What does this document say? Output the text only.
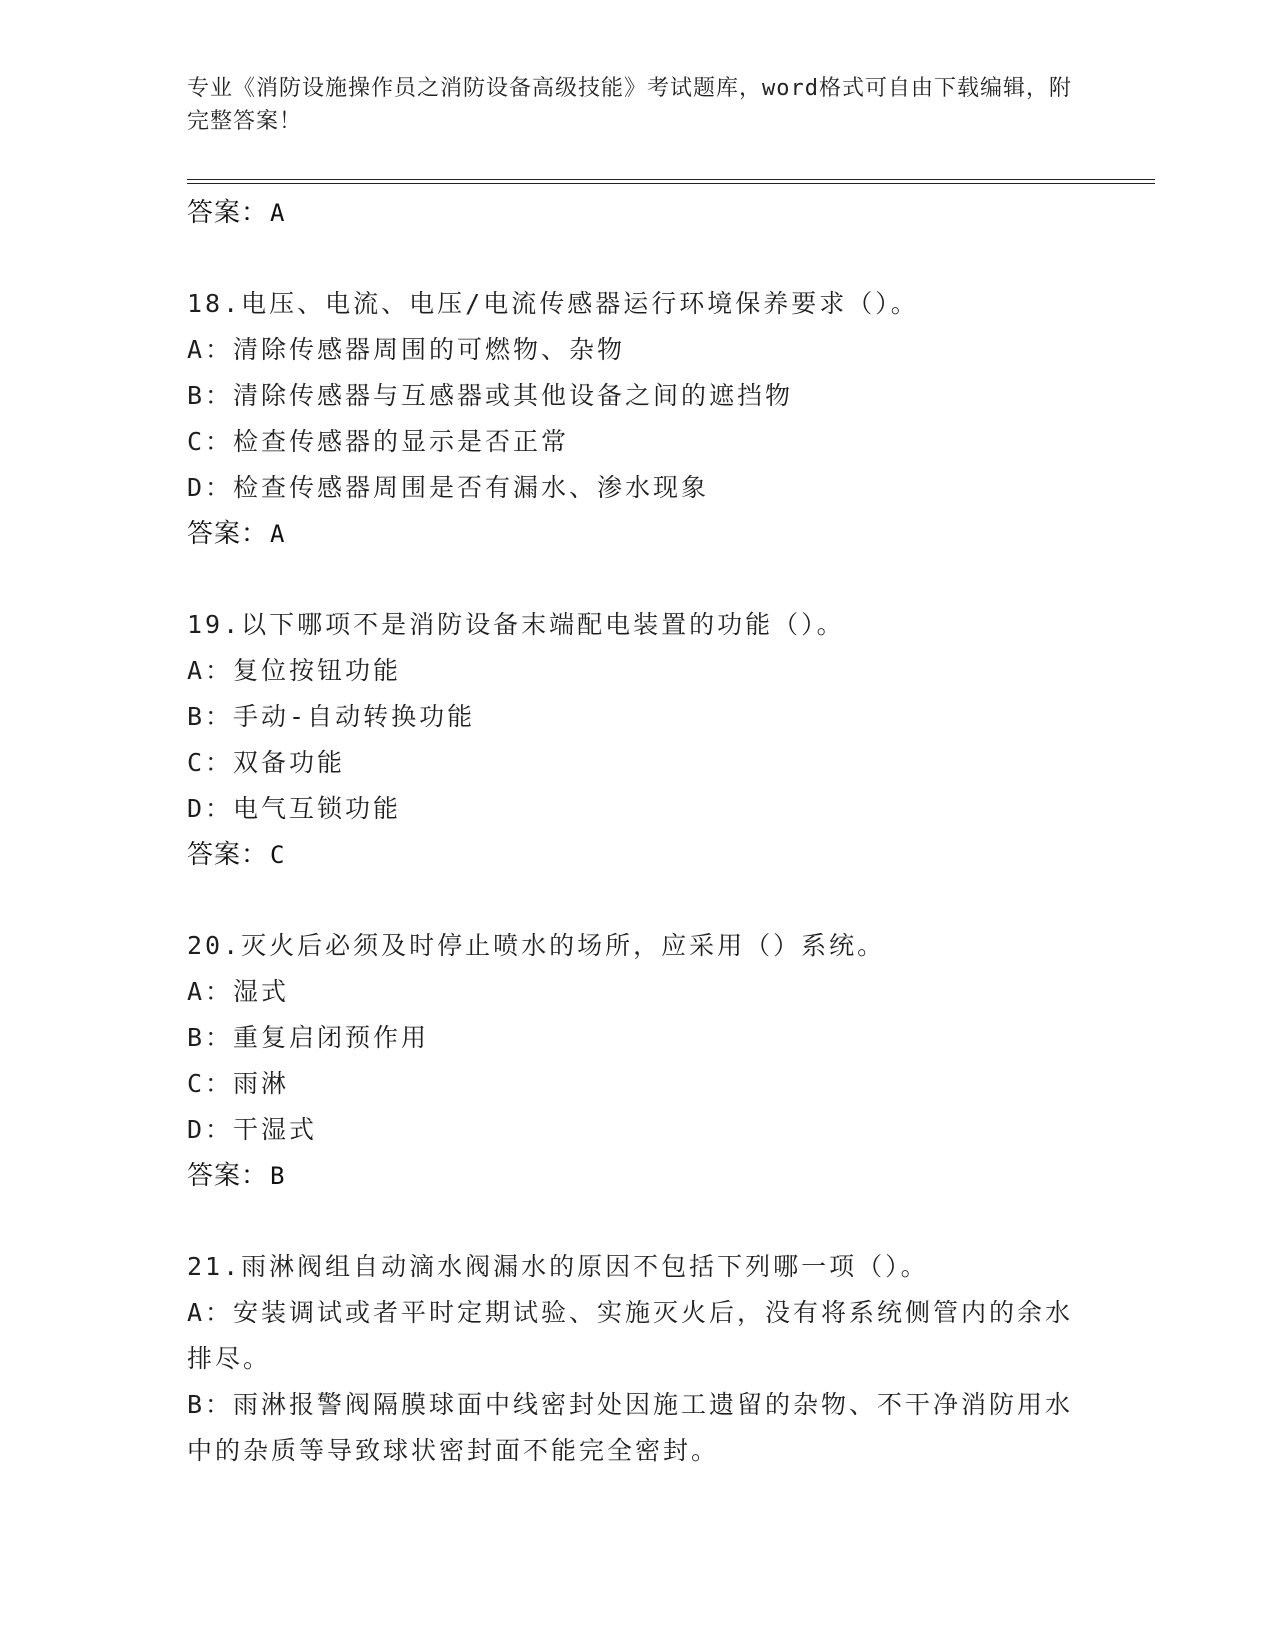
专业《消防设施操作员之消防设备高级技能》考试题库，word格式可自由下载编辑，附完整答案！
答案：A
18.电压、电流、电压/电流传感器运行环境保养要求（）。
A：清除传感器周围的可燃物、杂物
B：清除传感器与互感器或其他设备之间的遮挡物
C：检查传感器的显示是否正常
D：检查传感器周围是否有漏水、渗水现象
答案：A
19.以下哪项不是消防设备末端配电装置的功能（）。
A：复位按钮功能
B：手动-自动转换功能
C：双备功能
D：电气互锁功能
答案：C
20.灭火后必须及时停止喷水的场所，应采用（）系统。
A：湿式
B：重复启闭预作用
C：雨淋
D：干湿式
答案：B
21.雨淋阀组自动滴水阀漏水的原因不包括下列哪一项（）。
A：安装调试或者平时定期试验、实施灭火后，没有将系统侧管内的余水排尽。
B：雨淋报警阀隔膜球面中线密封处因施工遗留的杂物、不干净消防用水中的杂质等导致球状密封面不能完全密封。
